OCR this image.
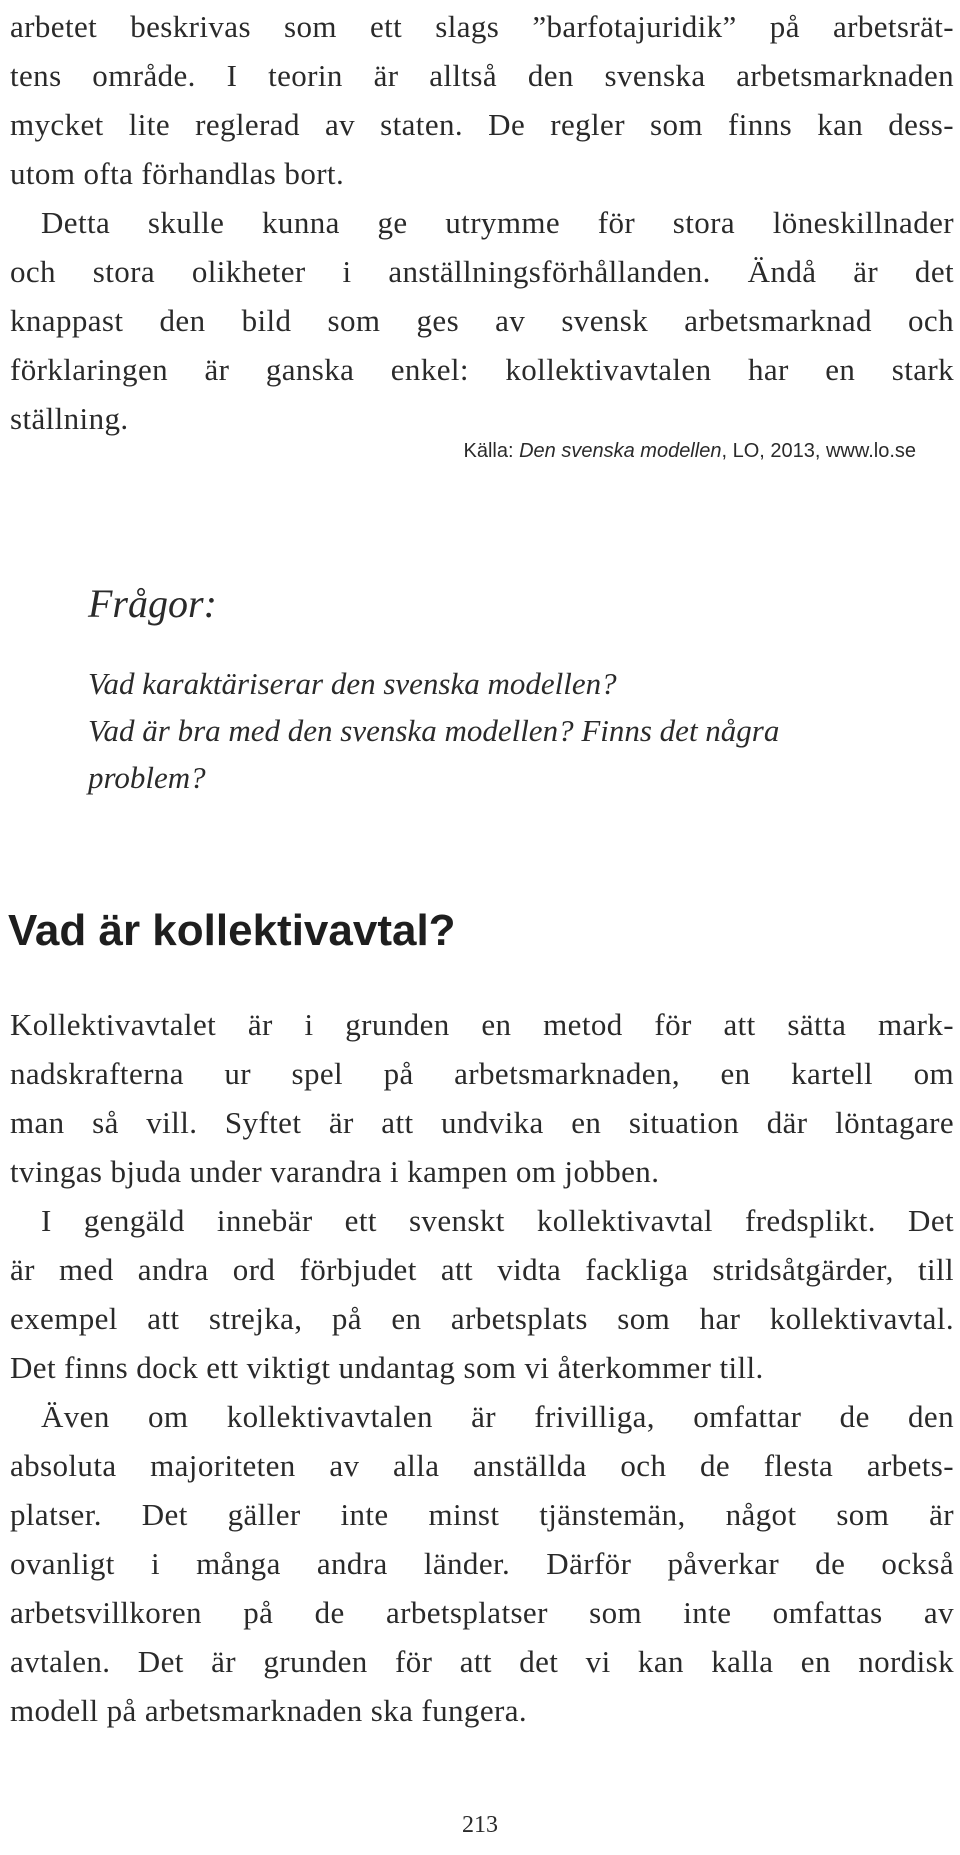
arbetet beskrivas som ett slags ”barfotajuridik” på arbetsrät-
tens område. I teorin är alltså den svenska arbetsmarknaden
mycket lite reglerad av staten. De regler som finns kan dess-
utom ofta förhandlas bort.
Detta skulle kunna ge utrymme för stora löneskillnader
och stora olikheter i anställningsförhållanden. Ändå är det
knappast den bild som ges av svensk arbetsmarknad och
förklaringen är ganska enkel: kollektivavtalen har en stark
ställning.
Källa: Den svenska modellen, LO, 2013, www.lo.se
Frågor:
Vad karaktäriserar den svenska modellen?
Vad är bra med den svenska modellen? Finns det några
problem?
Vad är kollektivavtal?
Kollektivavtalet är i grunden en metod för att sätta mark-
nadskrafterna ur spel på arbetsmarknaden, en kartell om
man så vill. Syftet är att undvika en situation där löntagare
tvingas bjuda under varandra i kampen om jobben.
I gengäld innebär ett svenskt kollektivavtal fredsplikt. Det
är med andra ord förbjudet att vidta fackliga stridsåtgärder, till
exempel att strejka, på en arbetsplats som har kollektivavtal.
Det finns dock ett viktigt undantag som vi återkommer till.
Även om kollektivavtalen är frivilliga, omfattar de den
absoluta majoriteten av alla anställda och de flesta arbets-
platser. Det gäller inte minst tjänstemän, något som är
ovanligt i många andra länder. Därför påverkar de också
arbetsvillkoren på de arbetsplatser som inte omfattas av
avtalen. Det är grunden för att det vi kan kalla en nordisk
modell på arbetsmarknaden ska fungera.
213
